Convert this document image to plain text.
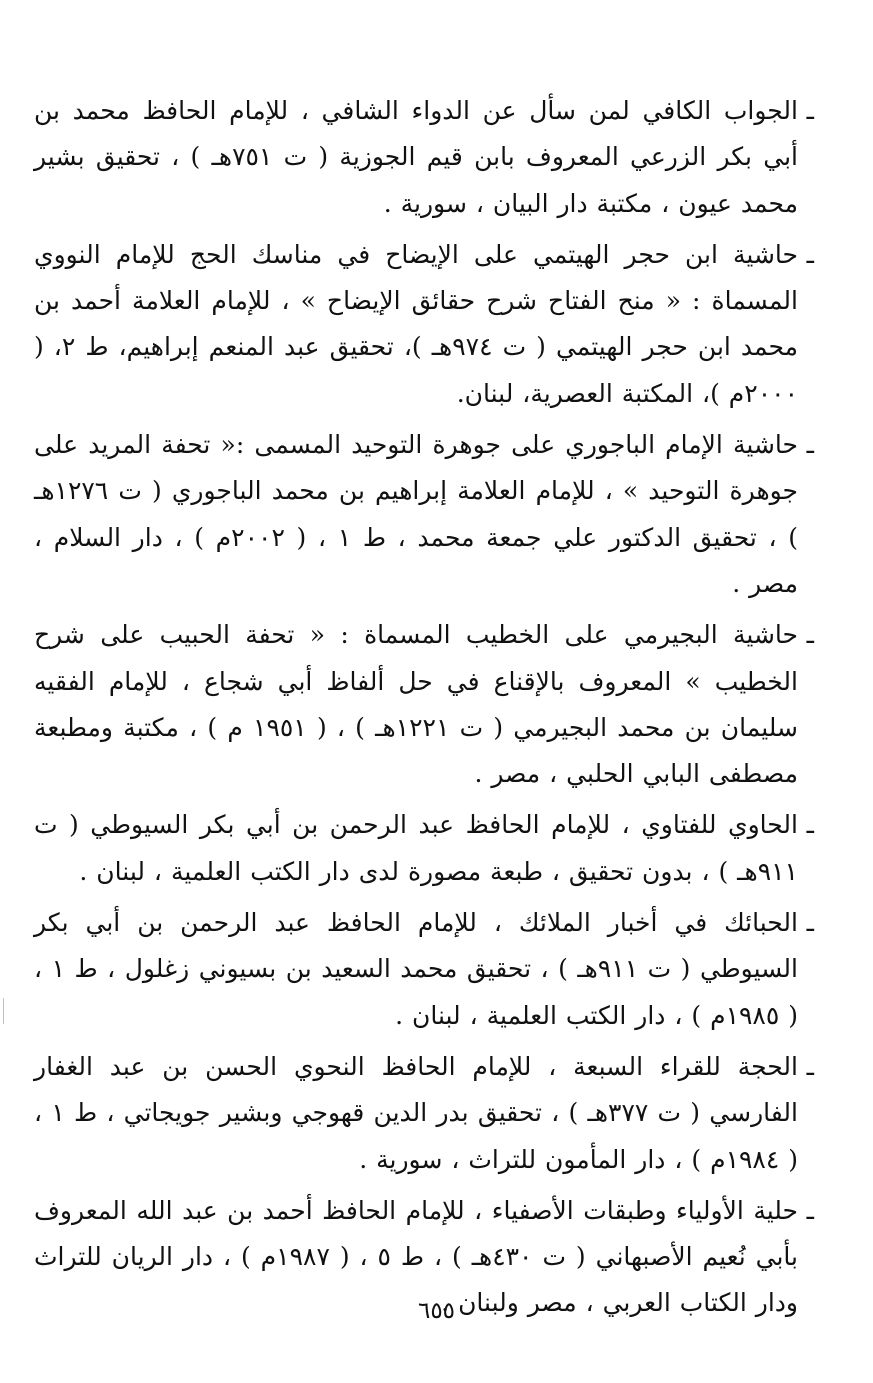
ـ
الجواب الكافي لمن سأل عن الدواء الشافي ، للإمام الحافظ محمد بن أبي بكر الزرعي المعروف بابن قيم الجوزية ( ت ٧٥١هـ ) ، تحقيق بشير محمد عيون ، مكتبة دار البيان ، سورية .
ـ
حاشية ابن حجر الهيتمي على الإيضاح في مناسك الحج للإمام النووي المسماة : « منح الفتاح شرح حقائق الإيضاح » ، للإمام العلامة أحمد بن محمد ابن حجر الهيتمي ( ت ٩٧٤هـ )، تحقيق عبد المنعم إبراهيم، ط ٢، ( ٢٠٠٠م )، المكتبة العصرية، لبنان.
ـ
حاشية الإمام الباجوري على جوهرة التوحيد المسمى :« تحفة المريد على جوهرة التوحيد » ، للإمام العلامة إبراهيم بن محمد الباجوري ( ت ١٢٧٦هـ ) ، تحقيق الدكتور علي جمعة محمد ، ط ١ ، ( ٢٠٠٢م ) ، دار السلام ، مصر .
ـ
حاشية البجيرمي على الخطيب المسماة : « تحفة الحبيب على شرح الخطيب » المعروف بالإقناع في حل ألفاظ أبي شجاع ، للإمام الفقيه سليمان بن محمد البجيرمي ( ت ١٢٢١هـ ) ، ( ١٩٥١ م ) ، مكتبة ومطبعة مصطفى البابي الحلبي ، مصر .
ـ
الحاوي للفتاوي ، للإمام الحافظ عبد الرحمن بن أبي بكر السيوطي ( ت ٩١١هـ ) ، بدون تحقيق ، طبعة مصورة لدى دار الكتب العلمية ، لبنان .
ـ
الحبائك في أخبار الملائك ، للإمام الحافظ عبد الرحمن بن أبي بكر السيوطي ( ت ٩١١هـ ) ، تحقيق محمد السعيد بن بسيوني زغلول ، ط ١ ، ( ١٩٨٥م ) ، دار الكتب العلمية ، لبنان .
ـ
الحجة للقراء السبعة ، للإمام الحافظ النحوي الحسن بن عبد الغفار الفارسي ( ت ٣٧٧هـ ) ، تحقيق بدر الدين قهوجي وبشير جويجاتي ، ط ١ ، ( ١٩٨٤م ) ، دار المأمون للتراث ، سورية .
ـ
حلية الأولياء وطبقات الأصفياء ، للإمام الحافظ أحمد بن عبد الله المعروف بأبي نُعيم الأصبهاني ( ت ٤٣٠هـ ) ، ط ٥ ، ( ١٩٨٧م ) ، دار الريان للتراث ودار الكتاب العربي ، مصر ولبنان .
٦٥٥
